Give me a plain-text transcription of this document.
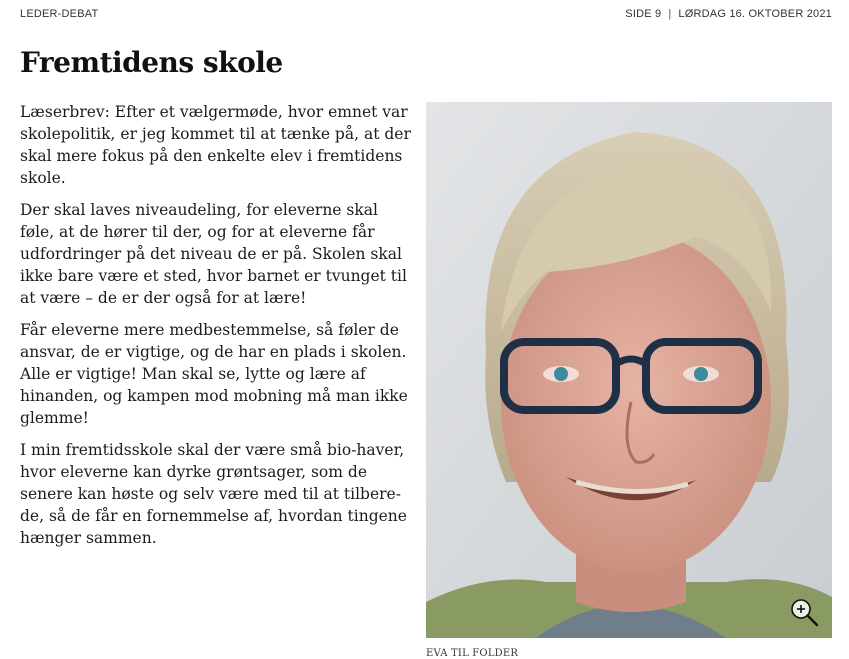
LEDER-DEBAT	SIDE 9 | LØRDAG 16. OKTOBER 2021
Fremtidens skole

Læserbrev: Efter et vælgermøde, hvor emnet var skolepolitik, er jeg kommet til at tænke på, at der skal mere fokus på den enkelte elev i fremtidens skole.

Der skal laves niveaudeling, for eleverne skal føle, at de hører til der, og for at eleverne får udfordringer på det niveau de er på. Skolen skal ikke bare være et sted, hvor barnet er tvunget til at være – de er der også for at lære!

Får eleverne mere medbestemmelse, så føler de ansvar, de er vigtige, og de har en plads i skolen. Alle er vigtige! Man skal se, lytte og lære af hinanden, og kampen mod mobning må man ikke glemme!

I min fremtidsskole skal der være små bio-haver, hvor eleverne kan dyrke grøntsager, som de senere kan høste og selv være med til at tilberede, så de får en fornemmelse af, hvordan tingene hænger sammen.

EVA TIL FOLDER
